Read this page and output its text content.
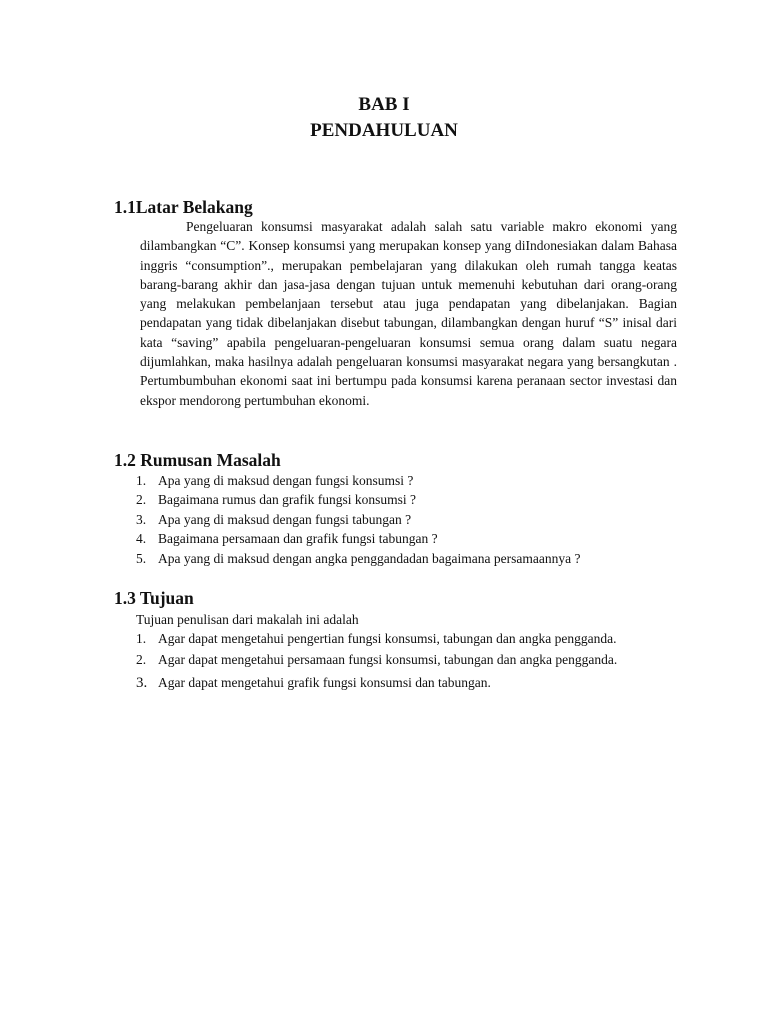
BAB I
PENDAHULUAN
1.1Latar Belakang

Pengeluaran konsumsi masyarakat adalah salah satu variable makro ekonomi yang dilambangkan “C”. Konsep konsumsi yang merupakan konsep yang diIndonesiakan dalam Bahasa inggris “consumption”., merupakan pembelajaran yang dilakukan oleh rumah tangga keatas barang-barang akhir dan jasa-jasa dengan tujuan untuk memenuhi kebutuhan dari orang-orang yang melakukan pembelanjaan tersebut atau juga pendapatan yang dibelanjakan. Bagian pendapatan yang tidak dibelanjakan disebut tabungan, dilambangkan dengan huruf “S” inisal dari kata “saving” apabila pengeluaran-pengeluaran konsumsi semua orang dalam suatu negara dijumlahkan, maka hasilnya adalah pengeluaran konsumsi masyarakat negara yang bersangkutan . Pertumbumbuhan ekonomi saat ini bertumpu pada konsumsi karena peranaan sector investasi dan ekspor mendorong pertumbuhan ekonomi.

1.2 Rumusan Masalah
1. Apa yang di maksud dengan fungsi konsumsi ?
2. Bagaimana rumus dan grafik fungsi konsumsi ?
3. Apa yang di maksud dengan fungsi tabungan ?
4. Bagaimana persamaan dan grafik fungsi tabungan ?
5. Apa yang di maksud dengan angka penggandadan bagaimana persamaannya ?
1.3 Tujuan
Tujuan penulisan dari makalah ini adalah
1. Agar dapat mengetahui pengertian fungsi konsumsi, tabungan dan angka pengganda.
2. Agar dapat mengetahui persamaan fungsi konsumsi, tabungan dan angka pengganda.
3. Agar dapat mengetahui grafik fungsi konsumsi dan tabungan.
